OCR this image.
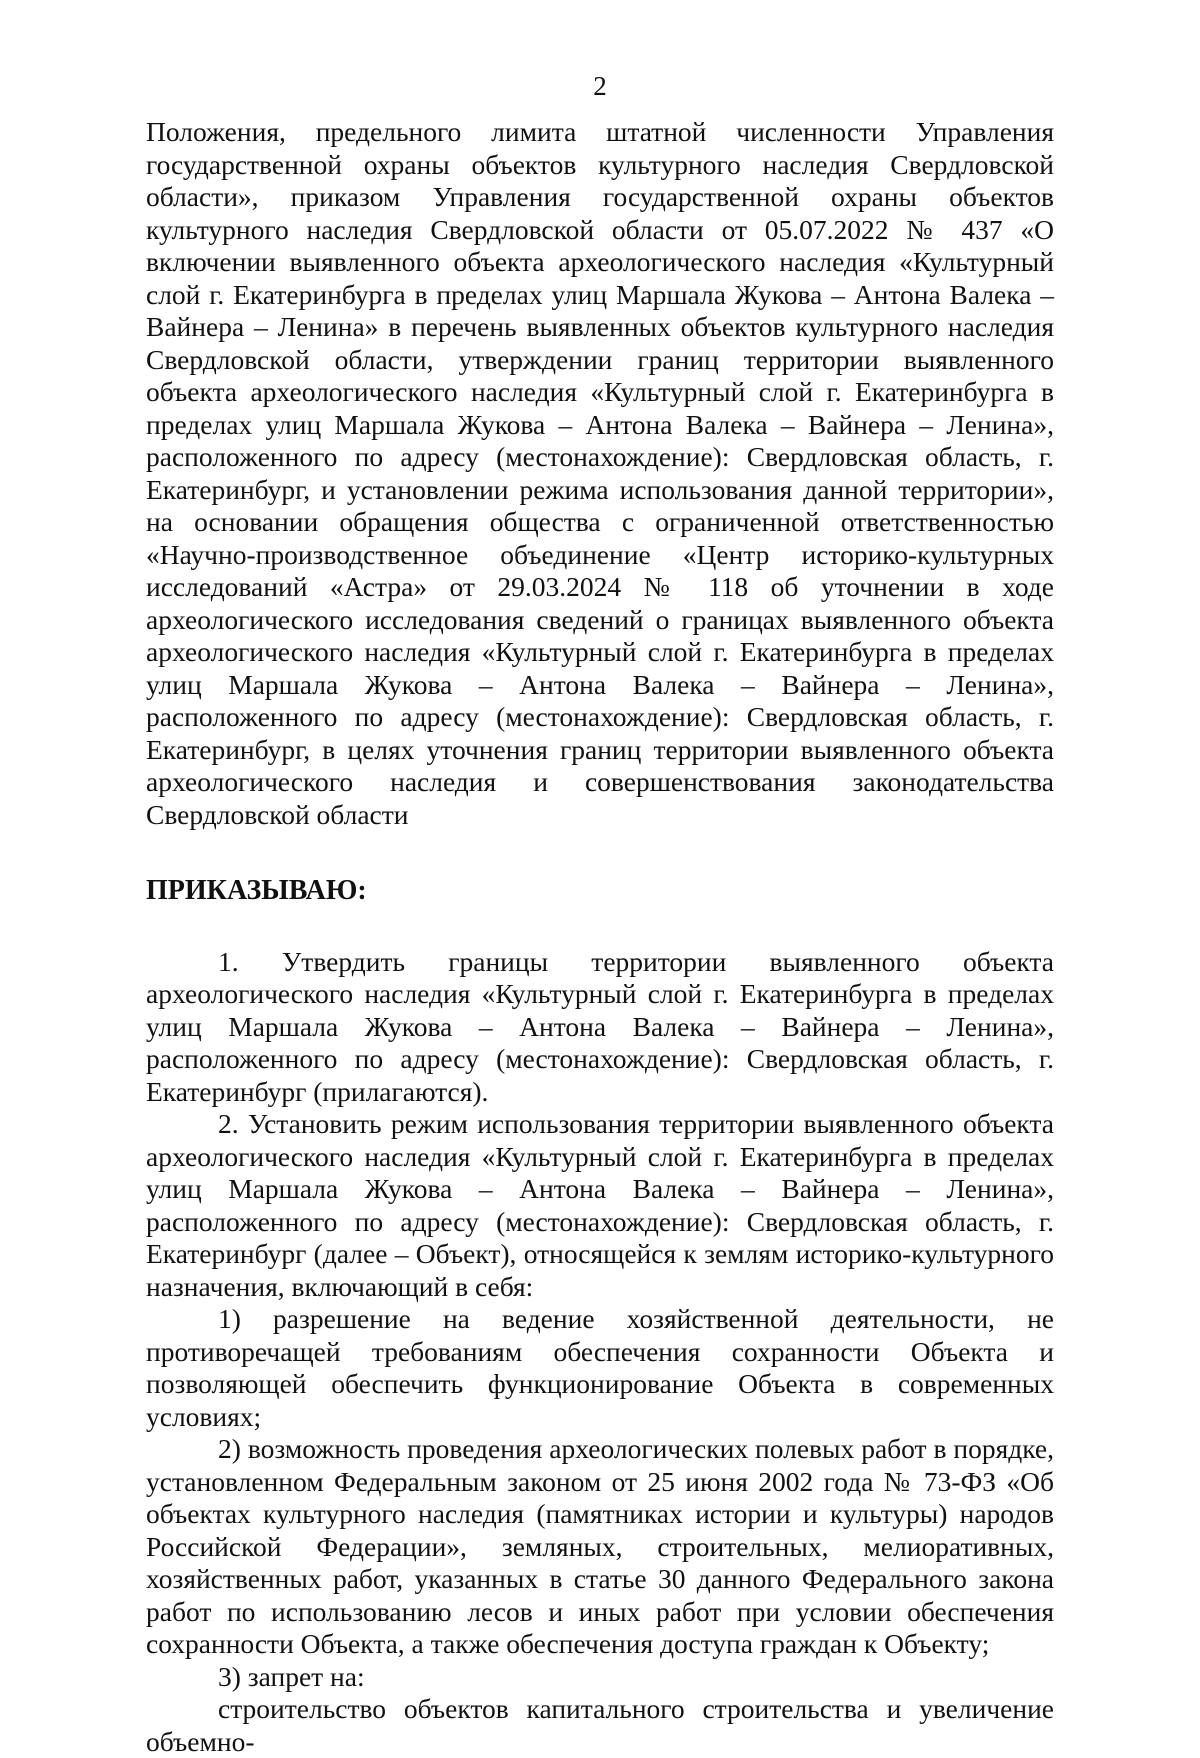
2

Положения, предельного лимита штатной численности Управления государственной охраны объектов культурного наследия Свердловской области», приказом Управления государственной охраны объектов культурного наследия Свердловской области от 05.07.2022 № 437 «О включении выявленного объекта археологического наследия «Культурный слой г. Екатеринбурга в пределах улиц Маршала Жукова – Антона Валека – Вайнера – Ленина» в перечень выявленных объектов культурного наследия Свердловской области, утверждении границ территории выявленного объекта археологического наследия «Культурный слой г. Екатеринбурга в пределах улиц Маршала Жукова – Антона Валека – Вайнера – Ленина», расположенного по адресу (местонахождение): Свердловская область, г. Екатеринбург, и установлении режима использования данной территории», на основании обращения общества с ограниченной ответственностью «Научно-производственное объединение «Центр историко-культурных исследований «Астра» от 29.03.2024 № 118 об уточнении в ходе археологического исследования сведений о границах выявленного объекта археологического наследия «Культурный слой г. Екатеринбурга в пределах улиц Маршала Жукова – Антона Валека – Вайнера – Ленина», расположенного по адресу (местонахождение): Свердловская область, г. Екатеринбург, в целях уточнения границ территории выявленного объекта археологического наследия и совершенствования законодательства Свердловской области

ПРИКАЗЫВАЮ:

1. Утвердить границы территории выявленного объекта археологического наследия «Культурный слой г. Екатеринбурга в пределах улиц Маршала Жукова – Антона Валека – Вайнера – Ленина», расположенного по адресу (местонахождение): Свердловская область, г. Екатеринбург (прилагаются).

2. Установить режим использования территории выявленного объекта археологического наследия «Культурный слой г. Екатеринбурга в пределах улиц Маршала Жукова – Антона Валека – Вайнера – Ленина», расположенного по адресу (местонахождение): Свердловская область, г. Екатеринбург (далее – Объект), относящейся к землям историко-культурного назначения, включающий в себя:

1) разрешение на ведение хозяйственной деятельности, не противоречащей требованиям обеспечения сохранности Объекта и позволяющей обеспечить функционирование Объекта в современных условиях;

2) возможность проведения археологических полевых работ в порядке, установленном Федеральным законом от 25 июня 2002 года № 73-ФЗ «Об объектах культурного наследия (памятниках истории и культуры) народов Российской Федерации», земляных, строительных, мелиоративных, хозяйственных работ, указанных в статье 30 данного Федерального закона работ по использованию лесов и иных работ при условии обеспечения сохранности Объекта, а также обеспечения доступа граждан к Объекту;

3) запрет на:

строительство объектов капитального строительства и увеличение объемно-
